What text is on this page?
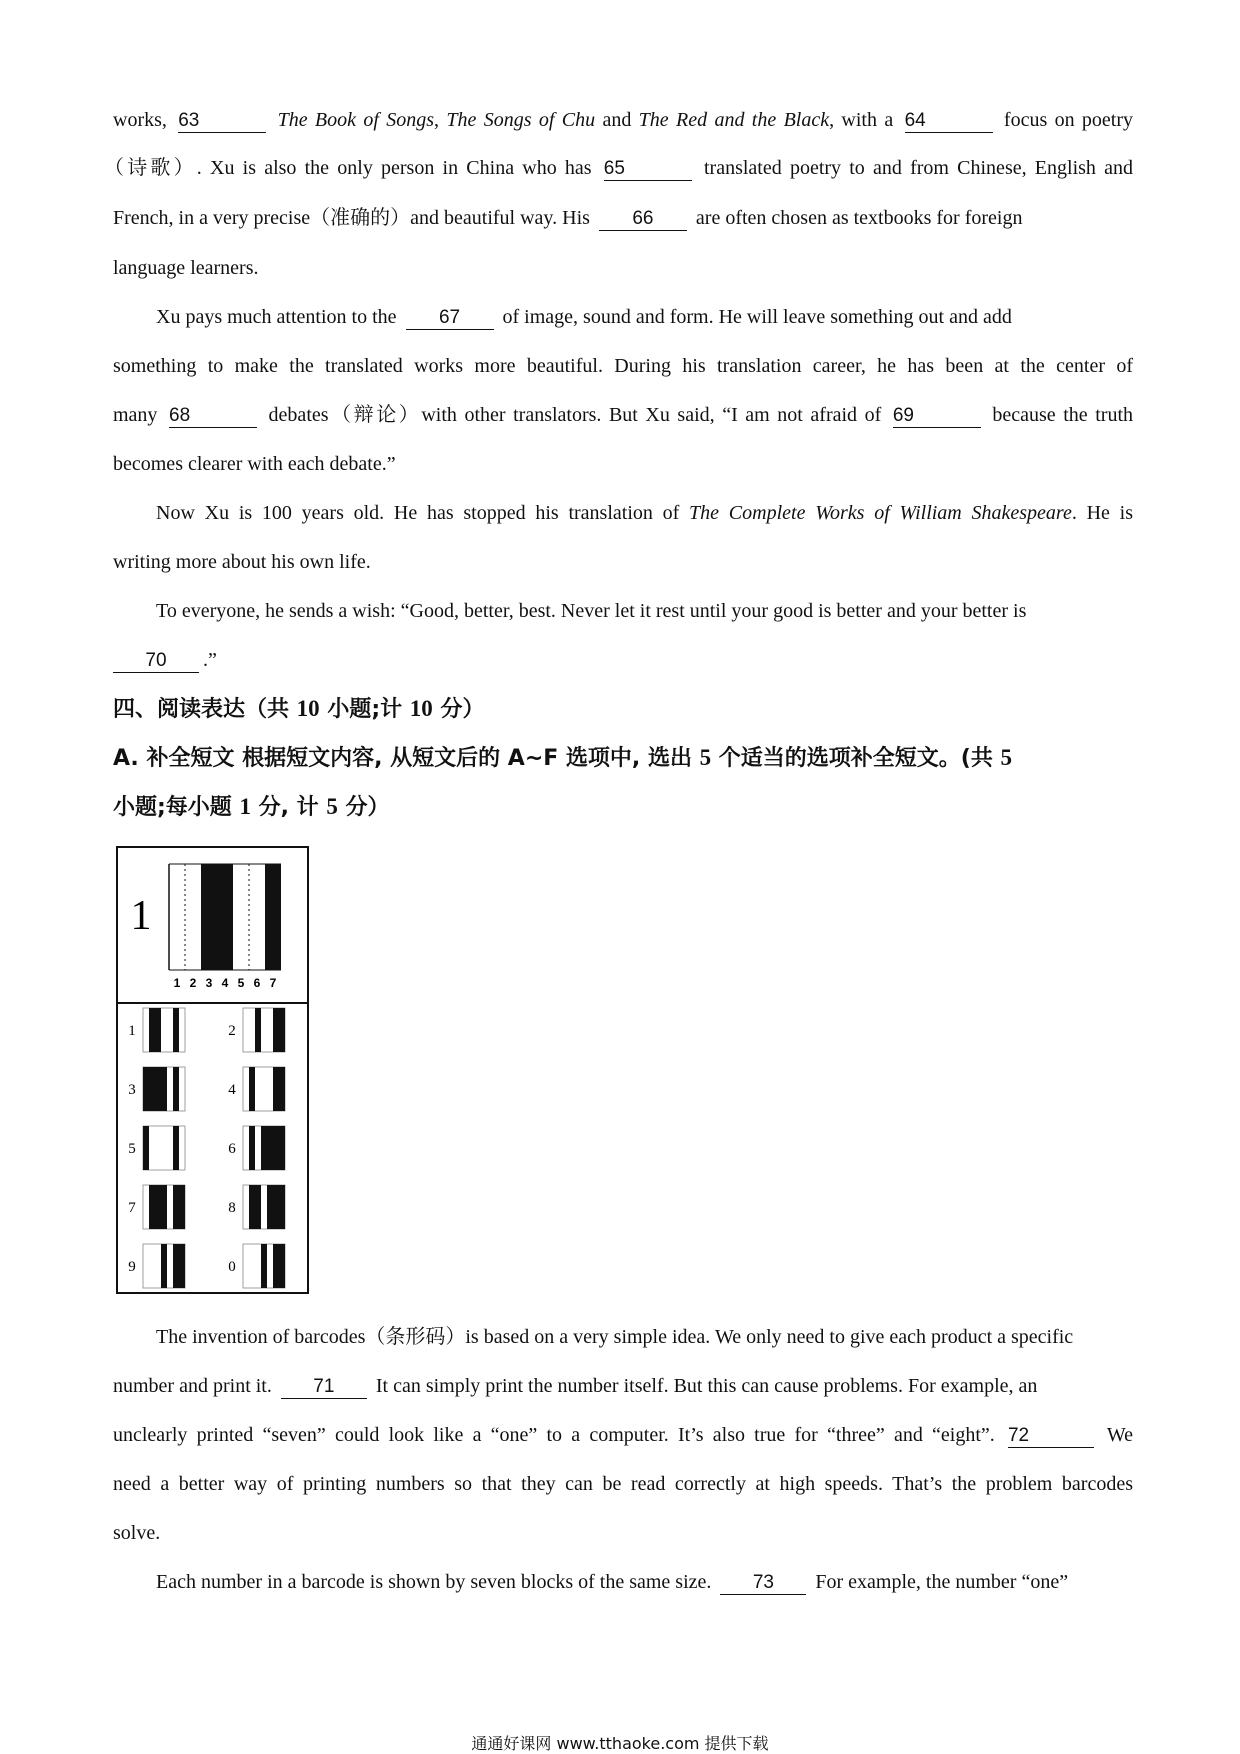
works, 63	The Book of Songs, The Songs of Chu and The Red and the Black, with a 64	focus on poetry
（诗歌）. Xu is also the only person in China who has 65	translated poetry to and from Chinese, English and
French, in a very precise（准确的）and beautiful way. His 66 are often chosen as textbooks for foreign
language learners.
Xu pays much attention to the 67 of image, sound and form. He will leave something out and add
something to make the translated works more beautiful. During his translation career, he has been at the center of
many 68	debates（辩论）with other translators. But Xu said, “I am not afraid of 69	because the truth
becomes clearer with each debate.”
Now Xu is 100 years old. He has stopped his translation of The Complete Works of William Shakespeare. He is
writing more about his own life.
To everyone, he sends a wish: “Good, better, best. Never let it rest until your good is better and your better is
70 .”
四、阅读表达（共 10 小题;计 10 分）
A. 补全短文 根据短文内容, 从短文后的 A~F 选项中, 选出 5 个适当的选项补全短文。(共 5
小题;每小题 1 分, 计 5 分）
1
1 2 3 4 5 6 7
1	2
3	4
5	6
7	8
9	0
The invention of barcodes（条形码）is based on a very simple idea. We only need to give each product a specific
number and print it. 71 It can simply print the number itself. But this can cause problems. For example, an
unclearly printed “seven” could look like a “one” to a computer. It’s also true for “three” and “eight”. 72	We
need a better way of printing numbers so that they can be read correctly at high speeds. That’s the problem barcodes
solve.
Each number in a barcode is shown by seven blocks of the same size. 73 For example, the number “one”
通通好课网 www.tthaoke.com 提供下载
